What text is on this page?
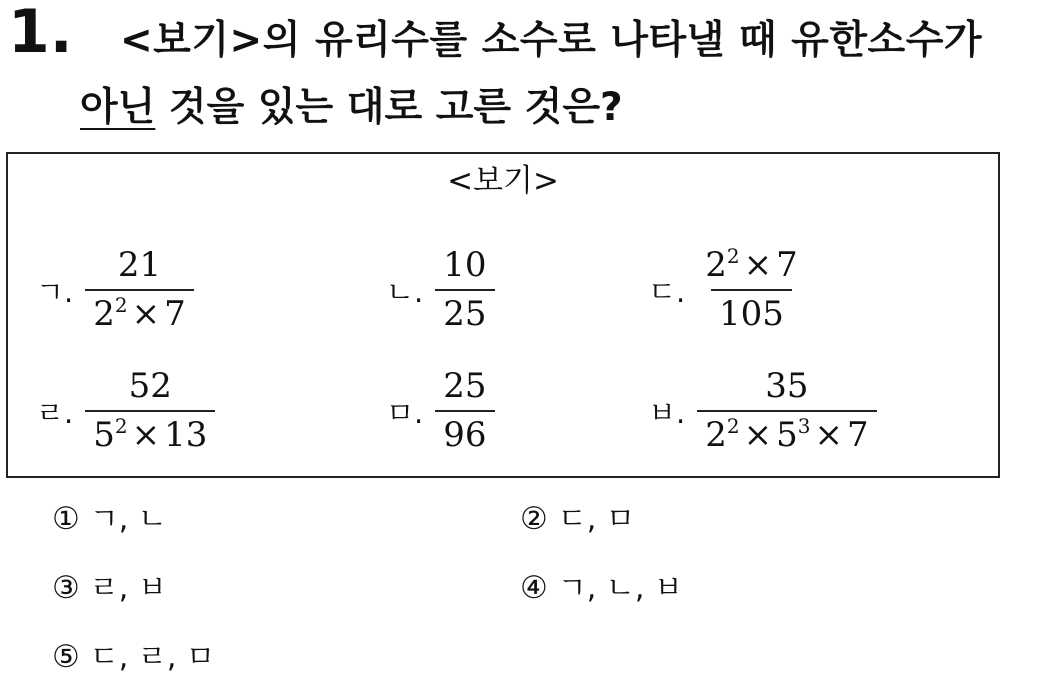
1. <보기>의 유리수를 소수로 나타낼 때 유한소수가
아닌 것을 있는 대로 고른 것은?
<보기>
ㄱ. $\frac{21}{2^2 \times 7}$	ㄴ. $\frac{10}{25}$	ㄷ. $\frac{2^2 \times 7}{105}$
ㄹ. $\frac{52}{5^2 \times 13}$	ㅁ. $\frac{25}{96}$	ㅂ. $\frac{35}{2^2 \times 5^3 \times 7}$
① ㄱ, ㄴ	② ㄷ, ㅁ
③ ㄹ, ㅂ	④ ㄱ, ㄴ, ㅂ
⑤ ㄷ, ㄹ, ㅁ
